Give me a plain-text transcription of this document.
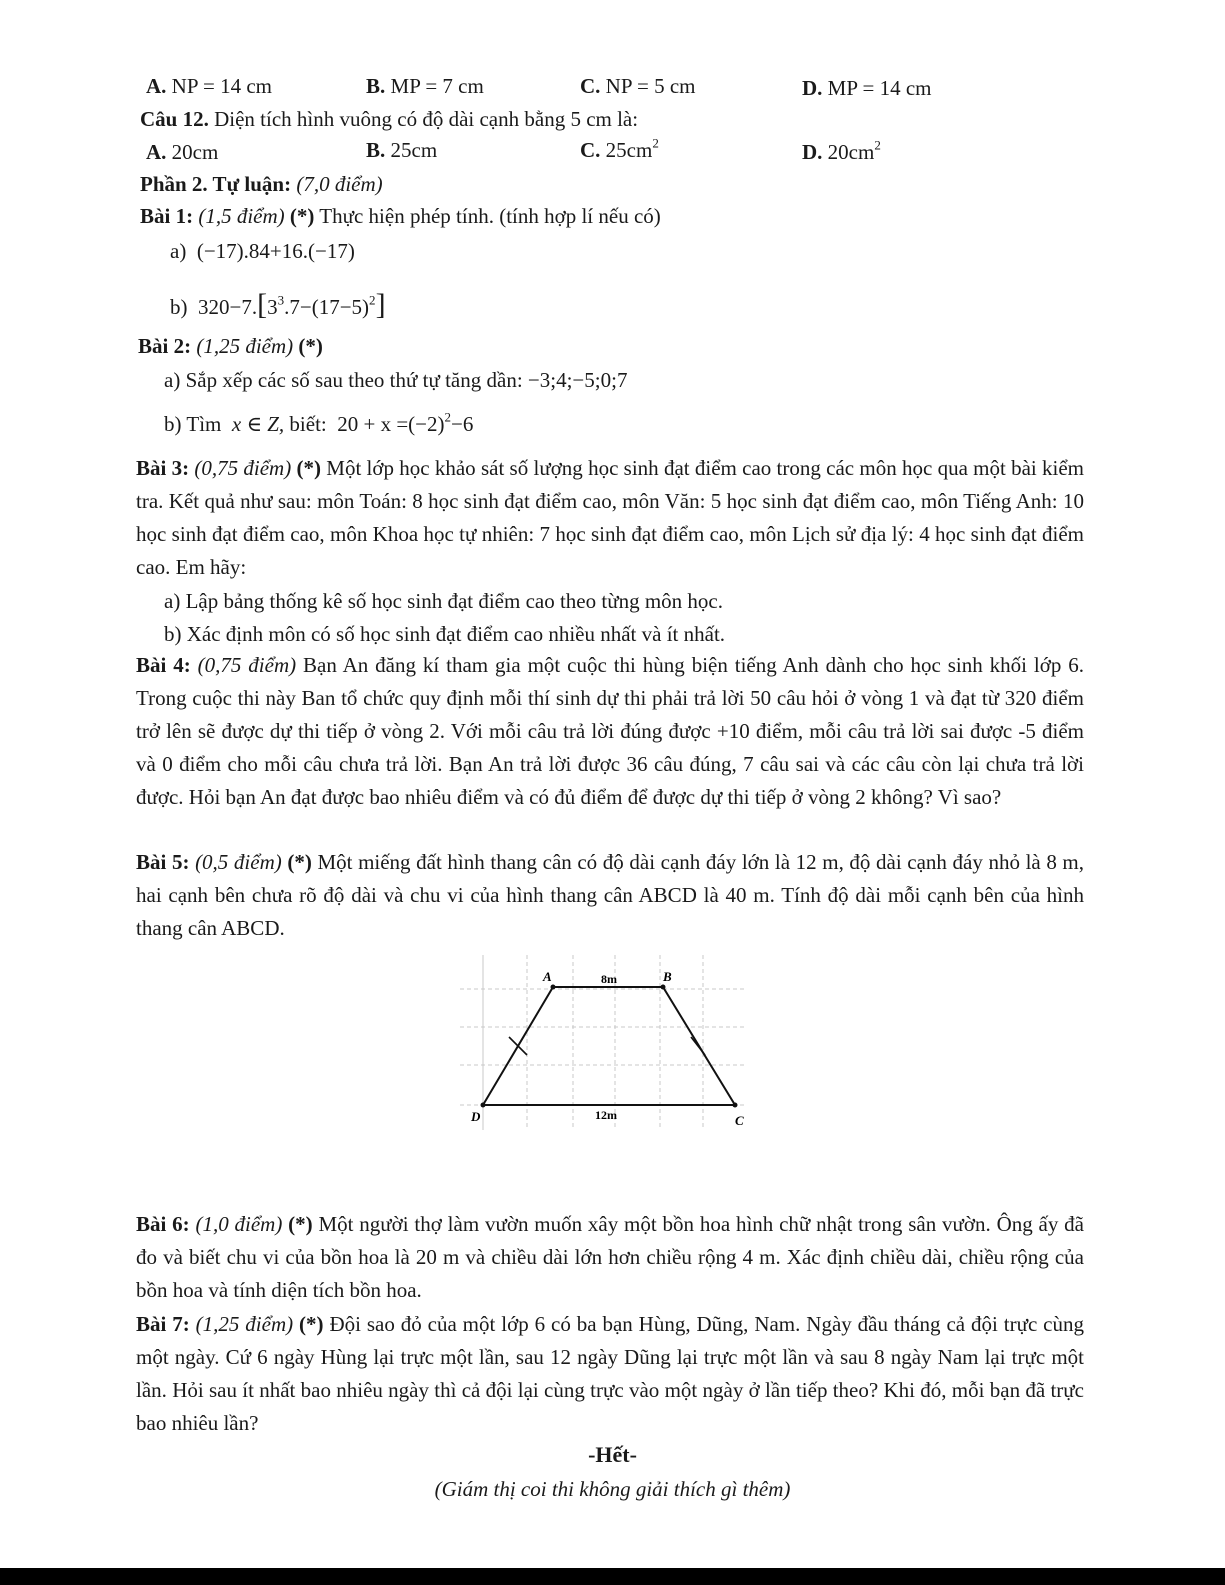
A. NP = 14 cm	B. MP = 7 cm	C. NP = 5 cm	D. MP = 14 cm
Câu 12. Diện tích hình vuông có độ dài cạnh bằng 5 cm là:
A. 20cm	B. 25cm	C. $25cm^2$	D. $20cm^2$
Phần 2. Tự luận: (7,0 điểm)
Bài 1: (1,5 điểm) (*) Thực hiện phép tính. (tính hợp lí nếu có)
a) (−17).84+16.(−17)
b) $320-7.[3^3.7-(17-5)^2]$
Bài 2: (1,25 điểm) (*)
a) Sắp xếp các số sau theo thứ tự tăng dần: −3;4;−5;0;7
b) Tìm x ∈ Z, biết: $20 + x =(-2)^2-6$
Bài 3: (0,75 điểm) (*) Một lớp học khảo sát số lượng học sinh đạt điểm cao trong các môn học qua một bài kiểm tra. Kết quả như sau: môn Toán: 8 học sinh đạt điểm cao, môn Văn: 5 học sinh đạt điểm cao, môn Tiếng Anh: 10 học sinh đạt điểm cao, môn Khoa học tự nhiên: 7 học sinh đạt điểm cao, môn Lịch sử địa lý: 4 học sinh đạt điểm cao. Em hãy:
a) Lập bảng thống kê số học sinh đạt điểm cao theo từng môn học.
b) Xác định môn có số học sinh đạt điểm cao nhiều nhất và ít nhất.
Bài 4: (0,75 điểm) Bạn An đăng kí tham gia một cuộc thi hùng biện tiếng Anh dành cho học sinh khối lớp 6. Trong cuộc thi này Ban tổ chức quy định mỗi thí sinh dự thi phải trả lời 50 câu hỏi ở vòng 1 và đạt từ 320 điểm trở lên sẽ được dự thi tiếp ở vòng 2. Với mỗi câu trả lời đúng được +10 điểm, mỗi câu trả lời sai được -5 điểm và 0 điểm cho mỗi câu chưa trả lời. Bạn An trả lời được 36 câu đúng, 7 câu sai và các câu còn lại chưa trả lời được. Hỏi bạn An đạt được bao nhiêu điểm và có đủ điểm để được dự thi tiếp ở vòng 2 không? Vì sao?
Bài 5: (0,5 điểm) (*) Một miếng đất hình thang cân có độ dài cạnh đáy lớn là 12 m, độ dài cạnh đáy nhỏ là 8 m, hai cạnh bên chưa rõ độ dài và chu vi của hình thang cân ABCD là 40 m. Tính độ dài mỗi cạnh bên của hình thang cân ABCD.
A	B
8m
D	C
12m
Bài 6: (1,0 điểm) (*) Một người thợ làm vườn muốn xây một bồn hoa hình chữ nhật trong sân vườn. Ông ấy đã đo và biết chu vi của bồn hoa là 20 m và chiều dài lớn hơn chiều rộng 4 m. Xác định chiều dài, chiều rộng của bồn hoa và tính diện tích bồn hoa.
Bài 7: (1,25 điểm) (*) Đội sao đỏ của một lớp 6 có ba bạn Hùng, Dũng, Nam. Ngày đầu tháng cả đội trực cùng một ngày. Cứ 6 ngày Hùng lại trực một lần, sau 12 ngày Dũng lại trực một lần và sau 8 ngày Nam lại trực một lần. Hỏi sau ít nhất bao nhiêu ngày thì cả đội lại cùng trực vào một ngày ở lần tiếp theo? Khi đó, mỗi bạn đã trực bao nhiêu lần?
-Hết-
(Giám thị coi thi không giải thích gì thêm)
